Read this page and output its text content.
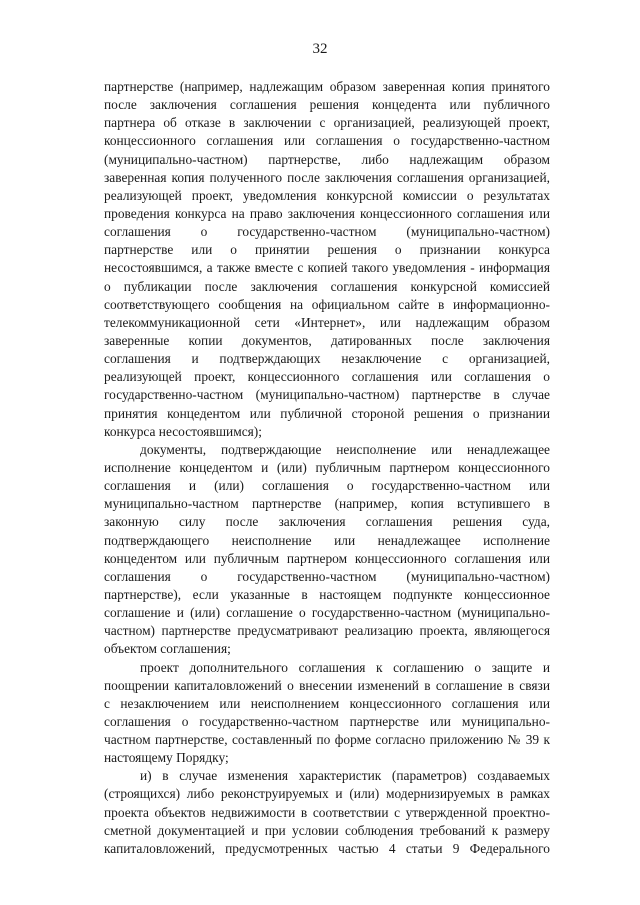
32
партнерстве (например, надлежащим образом заверенная копия принятого
после заключения соглашения решения концедента или публичного
партнера об отказе в заключении с организацией, реализующей проект,
концессионного соглашения или соглашения о государственно-частном
(муниципально-частном) партнерстве, либо надлежащим образом
заверенная копия полученного после заключения соглашения организацией,
реализующей проект, уведомления конкурсной комиссии о результатах
проведения конкурса на право заключения концессионного соглашения или
соглашения о государственно-частном (муниципально-частном)
партнерстве или о принятии решения о признании конкурса
несостоявшимся, а также вместе с копией такого уведомления - информация
о публикации после заключения соглашения конкурсной комиссией
соответствующего сообщения на официальном сайте в информационно-
телекоммуникационной сети «Интернет», или надлежащим образом
заверенные копии документов, датированных после заключения
соглашения и подтверждающих незаключение с организацией,
реализующей проект, концессионного соглашения или соглашения о
государственно-частном (муниципально-частном) партнерстве в случае
принятия концедентом или публичной стороной решения о признании
конкурса несостоявшимся);
документы, подтверждающие неисполнение или ненадлежащее
исполнение концедентом и (или) публичным партнером концессионного
соглашения и (или) соглашения о государственно-частном или
муниципально-частном партнерстве (например, копия вступившего в
законную силу после заключения соглашения решения суда,
подтверждающего неисполнение или ненадлежащее исполнение
концедентом или публичным партнером концессионного соглашения или
соглашения о государственно-частном (муниципально-частном)
партнерстве), если указанные в настоящем подпункте концессионное
соглашение и (или) соглашение о государственно-частном (муниципально-
частном) партнерстве предусматривают реализацию проекта, являющегося
объектом соглашения;
проект дополнительного соглашения к соглашению о защите и
поощрении капиталовложений о внесении изменений в соглашение в связи
с незаключением или неисполнением концессионного соглашения или
соглашения о государственно-частном партнерстве или муниципально-
частном партнерстве, составленный по форме согласно приложению № 39 к
настоящему Порядку;
и) в случае изменения характеристик (параметров) создаваемых
(строящихся) либо реконструируемых и (или) модернизируемых в рамках
проекта объектов недвижимости в соответствии с утвержденной проектно-
сметной документацией и при условии соблюдения требований к размеру
капиталовложений, предусмотренных частью 4 статьи 9 Федерального
